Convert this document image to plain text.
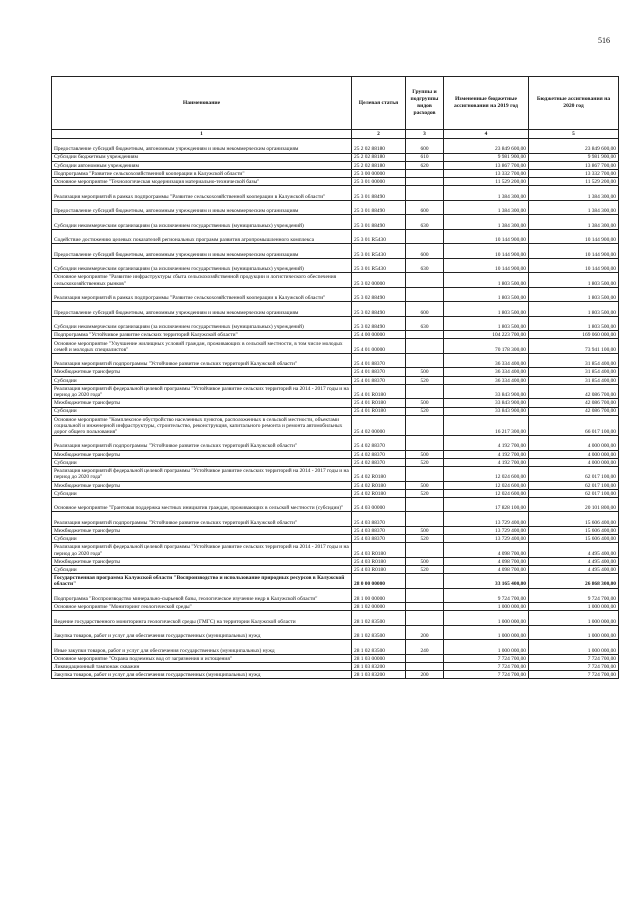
516
Наименование	Целевая статья	Группы и подгруппы видов расходов	Измененные бюджетные ассигнования на 2019 год	Бюджетные ассигнования на 2020 год
1	2	3	4	5
Предоставление субсидий бюджетным, автономным учреждениям и иным некоммерческим организациям	25 2 02 88180	600	23 849 600,00	23 849 600,00
Субсидии бюджетным учреждениям	25 2 02 88180	610	9 981 900,00	9 981 900,00
Субсидии автономным учреждениям	25 2 02 88180	620	13 867 700,00	13 867 700,00
Подпрограмма "Развитие сельскохозяйственной кооперации в Калужской области"	25 3 00 00000		13 332 700,00	13 332 700,00
Основное мероприятие "Технологическая модернизация материально-технической базы"	25 3 01 00000		11 529 200,00	11 529 200,00
Реализация мероприятий в рамках подпрограммы "Развитие сельскохозяйственной кооперации в Калужской области"	25 3 01 88490		1 384 300,00	1 384 300,00
Предоставление субсидий бюджетным, автономным учреждениям и иным некоммерческим организациям	25 3 01 88490	600	1 384 300,00	1 384 300,00
Субсидии некоммерческим организациям (за исключением государственных (муниципальных) учреждений)	25 3 01 88490	630	1 384 300,00	1 384 300,00
Содействие достижению целевых показателей региональных программ развития агропромышленного комплекса	25 3 01 R5430		10 144 900,00	10 144 900,00
Предоставление субсидий бюджетным, автономным учреждениям и иным некоммерческим организациям	25 3 01 R5430	600	10 144 900,00	10 144 900,00
Субсидии некоммерческим организациям (за исключением государственных (муниципальных) учреждений)	25 3 01 R5430	630	10 144 900,00	10 144 900,00
Основное мероприятие "Развитие инфраструктуры сбыта сельскохозяйственной продукции и логистического обеспечения сельскохозяйственных рынков"	25 3 02 00000		1 803 500,00	1 803 500,00
Реализация мероприятий в рамках подпрограммы "Развитие сельскохозяйственной кооперации в Калужской области"	25 3 02 88490		1 803 500,00	1 803 500,00
Предоставление субсидий бюджетным, автономным учреждениям и иным некоммерческим организациям	25 3 02 88490	600	1 803 500,00	1 803 500,00
Субсидии некоммерческим организациям (за исключением государственных (муниципальных) учреждений)	25 3 02 88490	630	1 803 500,00	1 803 500,00
Подпрограмма "Устойчивое развитие сельских территорий Калужской области"	25 4 00 00000		104 223 700,00	169 060 000,00
Основное мероприятие "Улучшение жилищных условий граждан, проживающих в сельской местности, в том числе молодых семей и молодых специалистов"	25 4 01 00000		70 178 300,00	73 941 100,00
Реализация мероприятий подпрограммы "Устойчивое развитие сельских территорий Калужской области"	25 4 01 88370		36 334 400,00	31 854 400,00
Межбюджетные трансферты	25 4 01 88370	500	36 334 400,00	31 854 400,00
Субсидии	25 4 01 88370	520	36 334 400,00	31 854 400,00
Реализация мероприятий федеральной целевой программы "Устойчивое развитие сельских территорий на 2014 - 2017 годы и на период до 2020 года"	25 4 01 R0180		33 843 900,00	42 086 700,00
Межбюджетные трансферты	25 4 01 R0180	500	33 843 900,00	42 086 700,00
Субсидии	25 4 01 R0180	520	33 843 900,00	42 086 700,00
Основное мероприятие "Комплексное обустройство населенных пунктов, расположенных в сельской местности, объектами социальной и инженерной инфраструктуры, строительство, реконструкция, капитального ремонта и ремонта автомобильных дорог общего пользования"	25 4 02 00000		16 217 300,00	66 017 100,00
Реализация мероприятий подпрограммы "Устойчивое развитие сельских территорий Калужской области"	25 4 02 88370		4 192 700,00	4 000 000,00
Межбюджетные трансферты	25 4 02 88370	500	4 192 700,00	4 000 000,00
Субсидии	25 4 02 88370	520	4 192 700,00	4 000 000,00
Реализация мероприятий федеральной целевой программы "Устойчивое развитие сельских территорий на 2014 - 2017 годы и на период до 2020 года"	25 4 02 R0180		12 024 600,00	62 017 100,00
Межбюджетные трансферты	25 4 02 R0180	500	12 024 600,00	62 017 100,00
Субсидии	25 4 02 R0180	520	12 024 600,00	62 017 100,00
Основное мероприятие "Грантовая поддержка местных инициатив граждан, проживающих в сельской местности (субсидии)"	25 4 03 00000		17 828 100,00	20 101 800,00
Реализация мероприятий подпрограммы "Устойчивое развитие сельских территорий Калужской области"	25 4 03 88370		13 729 400,00	15 606 400,00
Межбюджетные трансферты	25 4 03 88370	500	13 729 400,00	15 606 400,00
Субсидии	25 4 03 88370	520	13 729 400,00	15 606 400,00
Реализация мероприятий федеральной целевой программы "Устойчивое развитие сельских территорий на 2014 - 2017 годы и на период до 2020 года"	25 4 03 R0180		4 098 700,00	4 495 400,00
Межбюджетные трансферты	25 4 03 R0180	500	4 098 700,00	4 495 400,00
Субсидии	25 4 03 R0180	520	4 098 700,00	4 495 400,00
Государственная программа Калужской области "Воспроизводство и использование природных ресурсов в Калужской области"	28 0 00 00000		33 165 400,00	26 868 300,00
Подпрограмма "Воспроизводство минерально-сырьевой базы, геологическое изучение недр в Калужской области"	28 1 00 00000		9 724 700,00	9 724 700,00
Основное мероприятие "Мониторинг геологической среды"	28 1 02 00000		1 000 000,00	1 000 000,00
Ведение государственного мониторинга геологической среды (ГМГС) на территории Калужской области	28 1 02 83500		1 000 000,00	1 000 000,00
Закупка товаров, работ и услуг для обеспечения государственных (муниципальных) нужд	28 1 02 83500	200	1 000 000,00	1 000 000,00
Иные закупки товаров, работ и услуг для обеспечения государственных (муниципальных) нужд	28 1 02 83500	240	1 000 000,00	1 000 000,00
Основное мероприятие "Охрана подземных вод от загрязнения и истощения"	28 1 03 00000		7 724 700,00	7 724 700,00
Ликвидационный тампонаж скважин	28 1 03 83200		7 724 700,00	7 724 700,00
Закупка товаров, работ и услуг для обеспечения государственных (муниципальных) нужд	28 1 03 83200	200	7 724 700,00	7 724 700,00
